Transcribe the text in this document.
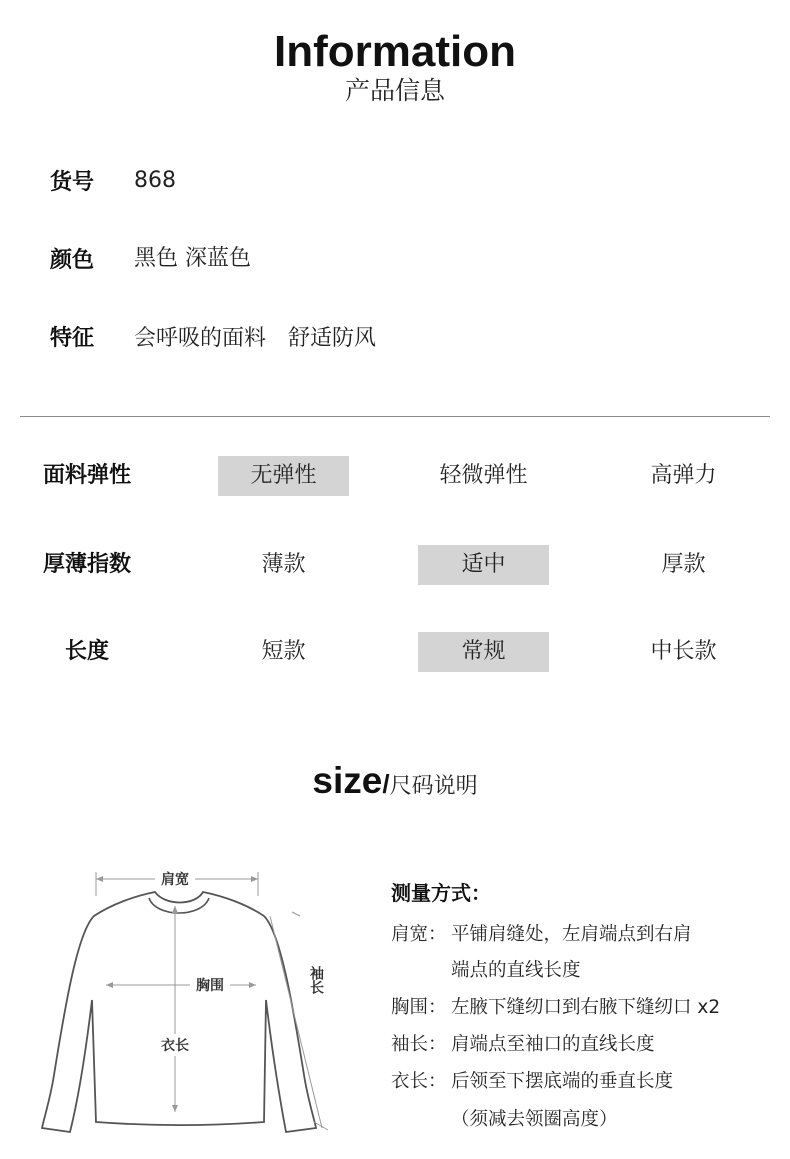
Information
产品信息
货号 868
颜色 黑色 深蓝色
特征 会呼吸的面料　舒适防风
面料弹性	无弹性	轻微弹性	高弹力
厚薄指数	薄款	适中	厚款
长度	短款	常规	中长款
size/尺码说明
肩宽
胸围
衣长
袖长
测量方式：
肩宽： 平铺肩缝处，左肩端点到右肩
端点的直线长度
胸围： 左腋下缝纫口到右腋下缝纫口 x2
袖长： 肩端点至袖口的直线长度
衣长： 后领至下摆底端的垂直长度
（须减去领圈高度）
